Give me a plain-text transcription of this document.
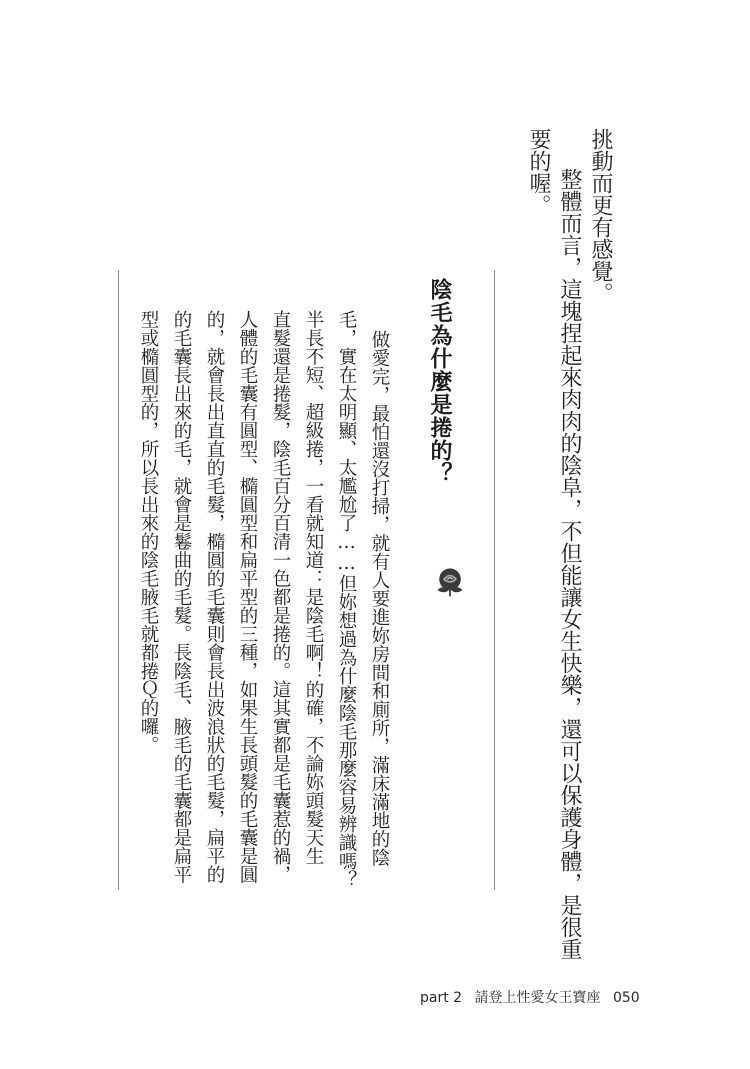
挑動而更有感覺。
整體而言，這塊捏起來肉肉的陰阜，不但能讓女生快樂，還可以保護身體，是很重
要的喔。
陰毛為什麼是捲的？
做愛完，最怕還沒打掃，就有人要進妳房間和廁所，滿床滿地的陰
毛，實在太明顯、太尷尬了……但妳想過為什麼陰毛那麼容易辨識嗎？
半長不短、超級捲，一看就知道：是陰毛啊！的確，不論妳頭髮天生
直髮還是捲髮，陰毛百分百清一色都是捲的。這其實都是毛囊惹的禍，
人體的毛囊有圓型、橢圓型和扁平型的三種，如果生長頭髮的毛囊是圓
的，就會長出直直的毛髮，橢圓的毛囊則會長出波浪狀的毛髮，扁平的
的毛囊長出來的毛，就會是鬈曲的毛髮。長陰毛、腋毛的毛囊都是扁平
型或橢圓型的，所以長出來的陰毛腋毛就都捲Ｑ的囉。
part 2 請登上性愛女王寶座 050
